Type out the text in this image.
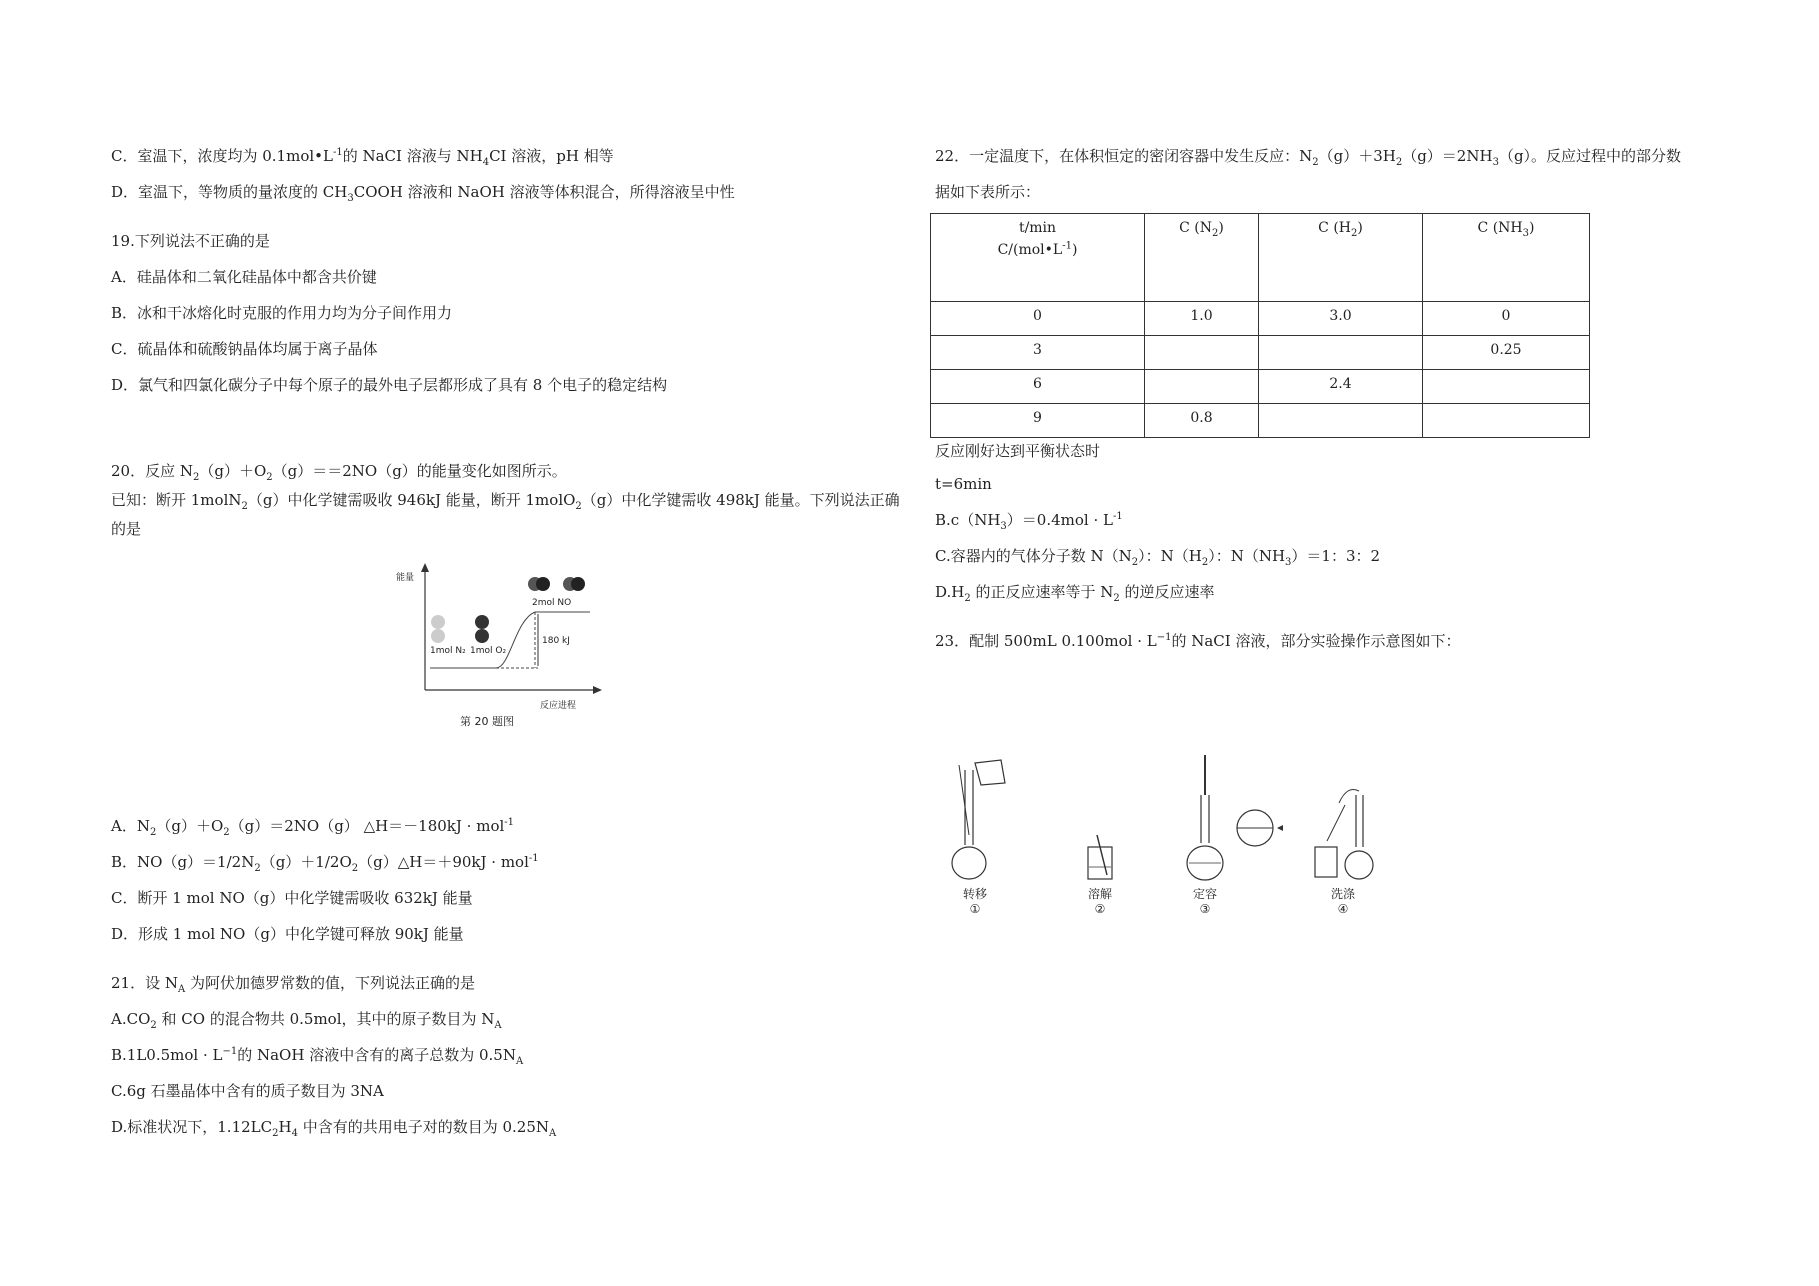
C．室温下，浓度均为 $0.1mol•L^{-1}$的 NaCI 溶液与 $NH_4CI$ 溶液，pH 相等
D．室温下，等物质的量浓度的 $CH_3COOH$ 溶液和 NaOH 溶液等体积混合，所得溶液呈中性
19.下列说法不正确的是
A．硅晶体和二氧化硅晶体中都含共价键
B．冰和干冰熔化时克服的作用力均为分子间作用力
C．硫晶体和硫酸钠晶体均属于离子晶体
D．氯气和四氯化碳分子中每个原子的最外电子层都形成了具有 8 个电子的稳定结构
20．反应 $N_2(g)+O_2(g)==2NO(g)$的能量变化如图所示。
已知：断开 1molN$_2$（g）中化学键需吸收 946kJ 能量，断开 1molO$_2$（g）中化学键需收 498kJ 能量。下列说法正确的是
能量
1mol N₂ 1mol O₂
2mol NO
180 kJ
反应进程
第 20 题图
A．$N_2(g)+O_2(g)=2NO(g)$ △H＝－180kJ · mol$^{-1}$
B．$NO(g)=1/2N_2(g)+1/2O_2(g)\triangle H=+90kJ \cdot mol^{-1}$
C．断开 1 mol NO（g）中化学键需吸收 632kJ 能量
D．形成 1 mol NO（g）中化学键可释放 90kJ 能量
21．设 $N_A$ 为阿伏加德罗常数的值，下列说法正确的是
$A.CO_2$ 和 CO 的混合物共 0.5mol，其中的原子数目为 $N_A$
$B.1L0.5mol \cdot L^{-1}$的 NaOH 溶液中含有的离子总数为 $0.5N_A$
C.6g 石墨晶体中含有的质子数目为 3NA
D.标准状况下，$1.12LC_2H_4$ 中含有的共用电子对的数目为 $0.25N_A$
22．一定温度下，在体积恒定的密闭容器中发生反应：$N_2(g)+3H_2(g)=2NH_3(g)$。反应过程中的部分数
据如下表所示：
t/min
$C/(mol•L^{-1})$	C $(N_2)$	C $(H_2)$	C $(NH_3)$
0	1.0	3.0	0
3			0.25
6		2.4	
9	0.8		
反应刚好达到平衡状态时
t=6min
$B.c(NH_3)=0.4mol \cdot L^{-1}$
C.容器内的气体分子数 $N(N_2)$：$N(H_2)$：$N(NH_3)=1$：3：2
$D.H_2$ 的正反应速率等于 $N_2$ 的逆反应速率
23．配制 500mL $0.100mol \cdot L^{-1}$的 NaCI 溶液，部分实验操作示意图如下：
转移
①
溶解
②
定容
③
洗涤
④
